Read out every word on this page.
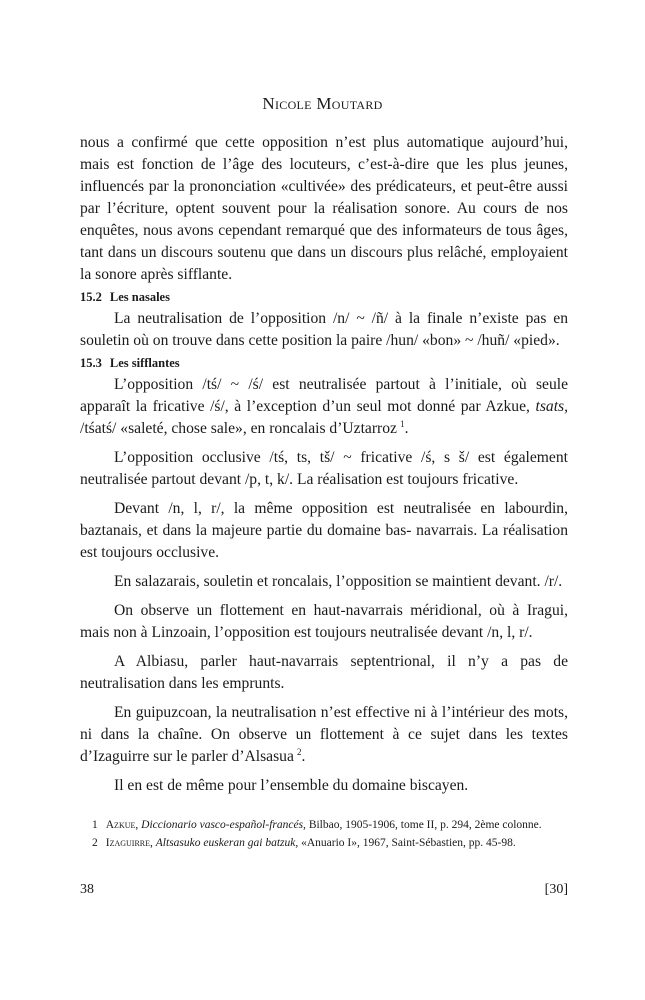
Nicole Moutard

nous a confirmé que cette opposition n’est plus automatique aujourd’hui, mais est fonction de l’âge des locuteurs, c’est-à-dire que les plus jeunes, influencés par la prononciation «cultivée» des prédicateurs, et peut-être aussi par l’écriture, optent souvent pour la réalisation sonore. Au cours de nos enquêtes, nous avons cependant remarqué que des informateurs de tous âges, tant dans un discours soutenu que dans un discours plus relâché, employaient la sonore après sifflante.

15.2 Les nasales

La neutralisation de l’opposition /n/ ~ /ñ/ à la finale n’existe pas en souletin où on trouve dans cette position la paire /hun/ «bon» ~ /huñ/ «pied».

15.3 Les sifflantes

L’opposition /tś/ ~ /ś/ est neutralisée partout à l’initiale, où seule apparaît la fricative /ś/, à l’exception d’un seul mot donné par Azkue, tsats, /tśatś/ «saleté, chose sale», en roncalais d’Uztarroz  $^1$.

L’opposition occlusive /tś, ts, tš/ ~ fricative /ś, s š/ est également neutralisée partout devant /p, t, k/. La réalisation est toujours fricative.

Devant /n, l, r/, la même opposition est neutralisée en labourdin, baztanais, et dans la majeure partie du domaine bas- navarrais. La réalisation est toujours occlusive.

En salazarais, souletin et roncalais, l’opposition se maintient devant. /r/.

On observe un flottement en haut-navarrais méridional, où à Iragui, mais non à Linzoain, l’opposition est toujours neutralisée devant /n, l, r/.

A Albiasu, parler haut-navarrais septentrional, il n’y a pas de neutralisation dans les emprunts.

En guipuzcoan, la neutralisation n’est effective ni à l’intérieur des mots, ni dans la chaîne. On observe un flottement à ce sujet dans les textes d’Izaguirre sur le parler d’Alsasua  $^2$.

Il en est de même pour l’ensemble du domaine biscayen.

1 Azkue, Diccionario vasco-español-francés, Bilbao, 1905-1906, tome II, p. 294, 2ème colonne.

2 Izaguirre, Altsasuko euskeran gai batzuk, «Anuario I», 1967, Saint-Sébastien, pp. 45-98.

38	[30]
